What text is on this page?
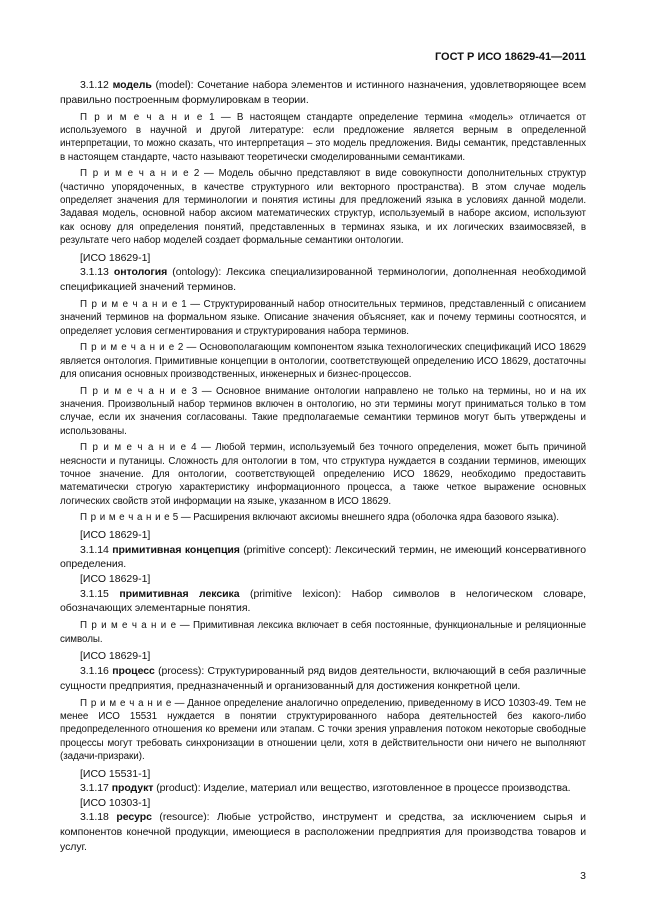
ГОСТ Р ИСО 18629-41—2011

3.1.12 модель (model): Сочетание набора элементов и истинного назначения, удовлетворяющее всем правильно построенным формулировкам в теории.

П р и м е ч а н и е 1 — В настоящем стандарте определение термина «модель» отличается от используемого в научной и другой литературе: если предложение является верным в определенной интерпретации, то можно сказать, что интерпретация – это модель предложения. Виды семантик, представленных в настоящем стандарте, часто называют теоретически смоделированными семантиками.

П р и м е ч а н и е 2 — Модель обычно представляют в виде совокупности дополнительных структур (частично упорядоченных, в качестве структурного или векторного пространства). В этом случае модель определяет значения для терминологии и понятия истины для предложений языка в условиях данной модели. Задавая модель, основной набор аксиом математических структур, используемый в наборе аксиом, используют как основу для определения понятий, представленных в терминах языка, и их логических взаимосвязей, в результате чего набор моделей создает формальные семантики онтологии.

[ИСО 18629-1]

3.1.13 онтология (ontology): Лексика специализированной терминологии, дополненная необходимой спецификацией значений терминов.

П р и м е ч а н и е 1 — Структурированный набор относительных терминов, представленный с описанием значений терминов на формальном языке. Описание значения объясняет, как и почему термины соотносятся, и определяет условия сегментирования и структурирования набора терминов.

П р и м е ч а н и е 2 — Основополагающим компонентом языка технологических спецификаций ИСО 18629 является онтология. Примитивные концепции в онтологии, соответствующей определению ИСО 18629, достаточны для описания основных производственных, инженерных и бизнес-процессов.

П р и м е ч а н и е 3 — Основное внимание онтологии направлено не только на термины, но и на их значения. Произвольный набор терминов включен в онтологию, но эти термины могут приниматься только в том случае, если их значения согласованы. Такие предполагаемые семантики терминов могут быть утверждены и использованы.

П р и м е ч а н и е 4 — Любой термин, используемый без точного определения, может быть причиной неясности и путаницы. Сложность для онтологии в том, что структура нуждается в создании терминов, имеющих точное значение. Для онтологии, соответствующей определению ИСО 18629, необходимо предоставить математически строгую характеристику информационного процесса, а также четкое выражение основных логических свойств этой информации на языке, указанном в ИСО 18629.

П р и м е ч а н и е 5 — Расширения включают аксиомы внешнего ядра (оболочка ядра базового языка).

[ИСО 18629-1]

3.1.14 примитивная концепция (primitive concept): Лексический термин, не имеющий консервативного определения.

[ИСО 18629-1]

3.1.15 примитивная лексика (primitive lexicon): Набор символов в нелогическом словаре, обозначающих элементарные понятия.

П р и м е ч а н и е — Примитивная лексика включает в себя постоянные, функциональные и реляционные символы.

[ИСО 18629-1]

3.1.16 процесс (process): Структурированный ряд видов деятельности, включающий в себя различные сущности предприятия, предназначенный и организованный для достижения конкретной цели.

П р и м е ч а н и е — Данное определение аналогично определению, приведенному в ИСО 10303-49. Тем не менее ИСО 15531 нуждается в понятии структурированного набора деятельностей без какого-либо предопределенного отношения ко времени или этапам. С точки зрения управления потоком некоторые свободные процессы могут требовать синхронизации в отношении цели, хотя в действительности они ничего не выполняют (задачи-призраки).

[ИСО 15531-1]

3.1.17 продукт (product): Изделие, материал или вещество, изготовленное в процессе производства.

[ИСО 10303-1]

3.1.18 ресурс (resource): Любые устройство, инструмент и средства, за исключением сырья и компонентов конечной продукции, имеющиеся в расположении предприятия для производства товаров и услуг.

3
